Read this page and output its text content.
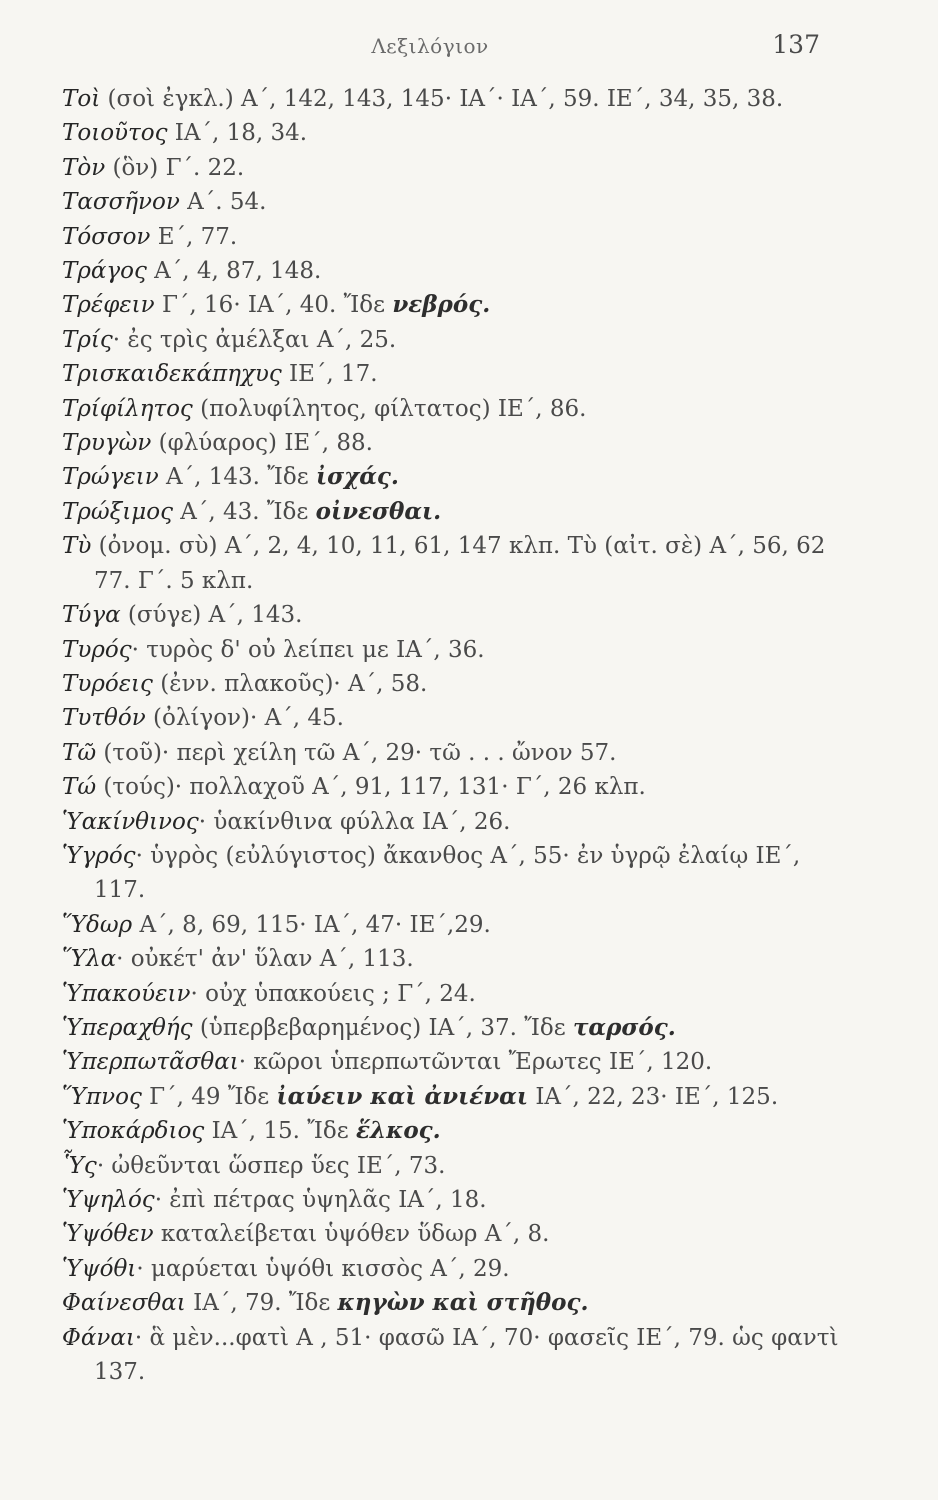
Λεξιλόγιον	137
Τοὶ (σοὶ ἐγκλ.) Α΄, 142, 143, 145· ΙΑ΄· ΙΑ΄, 59. ΙΕ΄, 34, 35, 38.
Τοιοῦτος ΙΑ΄, 18, 34.
Τὸν (ὃν) Γ΄. 22.
Τασσῆνον Α΄. 54.
Τόσσον Ε΄, 77.
Τράγος Α΄, 4, 87, 148.
Τρέφειν Γ΄, 16· ΙΑ΄, 40. Ἴδε νεβρός.
Τρίς· ἐς τρὶς ἀμέλξαι Α΄, 25.
Τρισκαιδεκάπηχυς ΙΕ΄, 17.
Τρίφίλητος (πολυφίλητος, φίλτατος) ΙΕ΄, 86.
Τρυγὼν (φλύαρος) ΙΕ΄, 88.
Τρώγειν Α΄, 143. Ἴδε ἰσχάς.
Τρώξιμος Α΄, 43. Ἴδε οἰνεσθαι.
Τὺ (ὀνομ. σὺ) Α΄, 2, 4, 10, 11, 61, 147 κλπ. Τὺ (αἰτ. σὲ) Α΄, 56, 62 77. Γ΄. 5 κλπ.
Τύγα (σύγε) Α΄, 143.
Τυρός· τυρὸς δ' οὐ λείπει με ΙΑ΄, 36.
Τυρόεις (ἐνν. πλακοῦς)· Α΄, 58.
Τυτθόν (ὀλίγον)· Α΄, 45.
Τῶ (τοῦ)· περὶ χείλη τῶ Α΄, 29· τῶ . . . ὤνον 57.
Τώ (τούς)· πολλαχοῦ Α΄, 91, 117, 131· Γ΄, 26 κλπ.
Ὑακίνθινος· ὑακίνθινα φύλλα ΙΑ΄, 26.
Ὑγρός· ὑγρὸς (εὐλύγιστος) ἄκανθος Α΄, 55· ἐν ὑγρῷ ἐλαίῳ ΙΕ΄, 117.
Ὕδωρ Α΄, 8, 69, 115· ΙΑ΄, 47· ΙΕ΄,29.
Ὕλα· οὐκέτ' ἀν' ὕλαν Α΄, 113.
Ὑπακούειν· οὐχ ὑπακούεις ; Γ΄, 24.
Ὑπεραχθής (ὑπερβεβαρημένος) ΙΑ΄, 37. Ἴδε ταρσός.
Ὑπερπωτᾶσθαι· κῶροι ὑπερπωτῶνται Ἔρωτες ΙΕ΄, 120.
Ὕπνος Γ΄, 49 Ἴδε ἰαύειν καὶ ἀνιέναι ΙΑ΄, 22, 23· ΙΕ΄, 125.
Ὑποκάρδιος ΙΑ΄, 15. Ἴδε ἕλκος.
Ὗς· ὠθεῦνται ὥσπερ ὕες ΙΕ΄, 73.
Ὑψηλός· ἐπὶ πέτρας ὑψηλᾶς ΙΑ΄, 18.
Ὑψόθεν καταλείβεται ὑψόθεν ὕδωρ Α΄, 8.
Ὑψόθι· μαρύεται ὑψόθι κισσὸς Α΄, 29.
Φαίνεσθαι ΙΑ΄, 79. Ἴδε κηγὼν καὶ στῆθος.
Φάναι· ἃ μὲν...φατὶ Α , 51· φασῶ ΙΑ΄, 70· φασεῖς ΙΕ΄, 79. ὡς φαντὶ 137.
